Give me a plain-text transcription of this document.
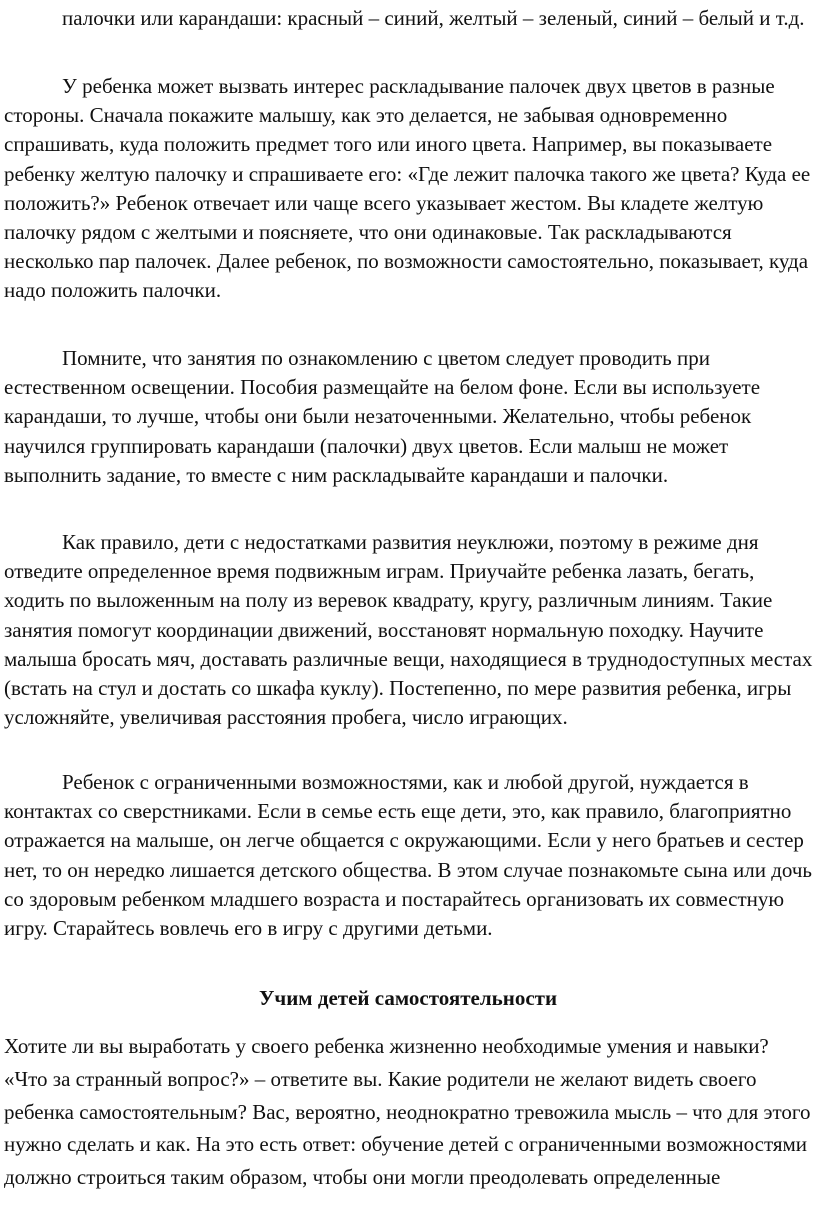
палочки или карандаши: красный – синий, желтый – зеленый, синий – белый и т.д.

У ребенка может вызвать интерес раскладывание палочек двух цветов в разные стороны. Сначала покажите малышу, как это делается, не забывая одновременно спрашивать, куда положить предмет того или иного цвета. Например, вы показываете ребенку желтую палочку и спрашиваете его: «Где лежит палочка такого же цвета? Куда ее положить?» Ребенок отвечает или чаще всего указывает жестом. Вы кладете желтую палочку рядом с желтыми и поясняете, что они одинаковые. Так раскладываются несколько пар палочек. Далее ребенок, по возможности самостоятельно, показывает, куда надо положить палочки.

Помните, что занятия по ознакомлению с цветом следует проводить при естественном освещении. Пособия размещайте на белом фоне. Если вы используете карандаши, то лучше, чтобы они были незаточенными. Желательно, чтобы ребенок научился группировать карандаши (палочки) двух цветов. Если малыш не может выполнить задание, то вместе с ним раскладывайте карандаши и палочки.

Как правило, дети с недостатками развития неуклюжи, поэтому в режиме дня отведите определенное время подвижным играм. Приучайте ребенка лазать, бегать, ходить по выложенным на полу из веревок квадрату, кругу, различным линиям. Такие занятия помогут координации движений, восстановят нормальную походку. Научите малыша бросать мяч, доставать различные вещи, находящиеся в труднодоступных местах (встать на стул и достать со шкафа куклу). Постепенно, по мере развития ребенка, игры усложняйте, увеличивая расстояния пробега, число играющих.

Ребенок с ограниченными возможностями, как и любой другой, нуждается в контактах со сверстниками. Если в семье есть еще дети, это, как правило, благоприятно отражается на малыше, он легче общается с окружающими. Если у него братьев и сестер нет, то он нередко лишается детского общества. В этом случае познакомьте сына или дочь со здоровым ребенком младшего возраста и постарайтесь организовать их совместную игру. Старайтесь вовлечь его в игру с другими детьми.

Учим детей самостоятельности

Хотите ли вы выработать у своего ребенка жизненно необходимые умения и навыки? «Что за странный вопрос?» – ответите вы. Какие родители не желают видеть своего ребенка самостоятельным? Вас, вероятно, неоднократно тревожила мысль – что для этого нужно сделать и как. На это есть ответ: обучение детей с ограниченными возможностями должно строиться таким образом, чтобы они могли преодолевать определенные
